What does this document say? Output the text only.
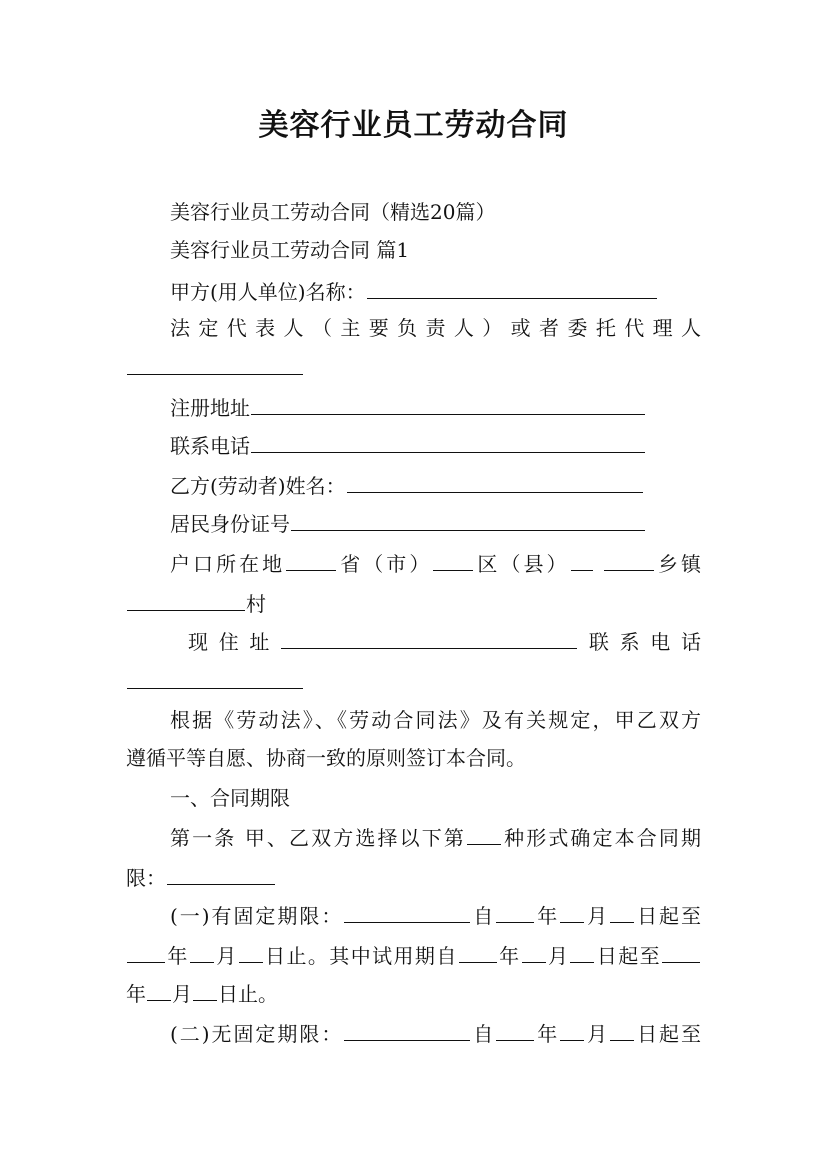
美容行业员工劳动合同
美容行业员工劳动合同（精选20篇）
美容行业员工劳动合同 篇1
甲方(用人单位)名称：
法定代表人（主要负责人）或者委托代理人
注册地址
联系电话
乙方(劳动者)姓名：
居民身份证号
户口所在地	省（市） 区（县）	乡镇
村
现住址	联系电话
根据《劳动法》、《劳动合同法》及有关规定，甲乙双方
遵循平等自愿、协商一致的原则签订本合同。
一、合同期限
第一条 甲、乙双方选择以下第 种形式确定本合同期
限：
(一)有固定期限：	自 年 月 日起至
年 月 日止。其中试用期自 年 月 日起至
年 月 日止。
(二)无固定期限：	自 年 月 日起至
